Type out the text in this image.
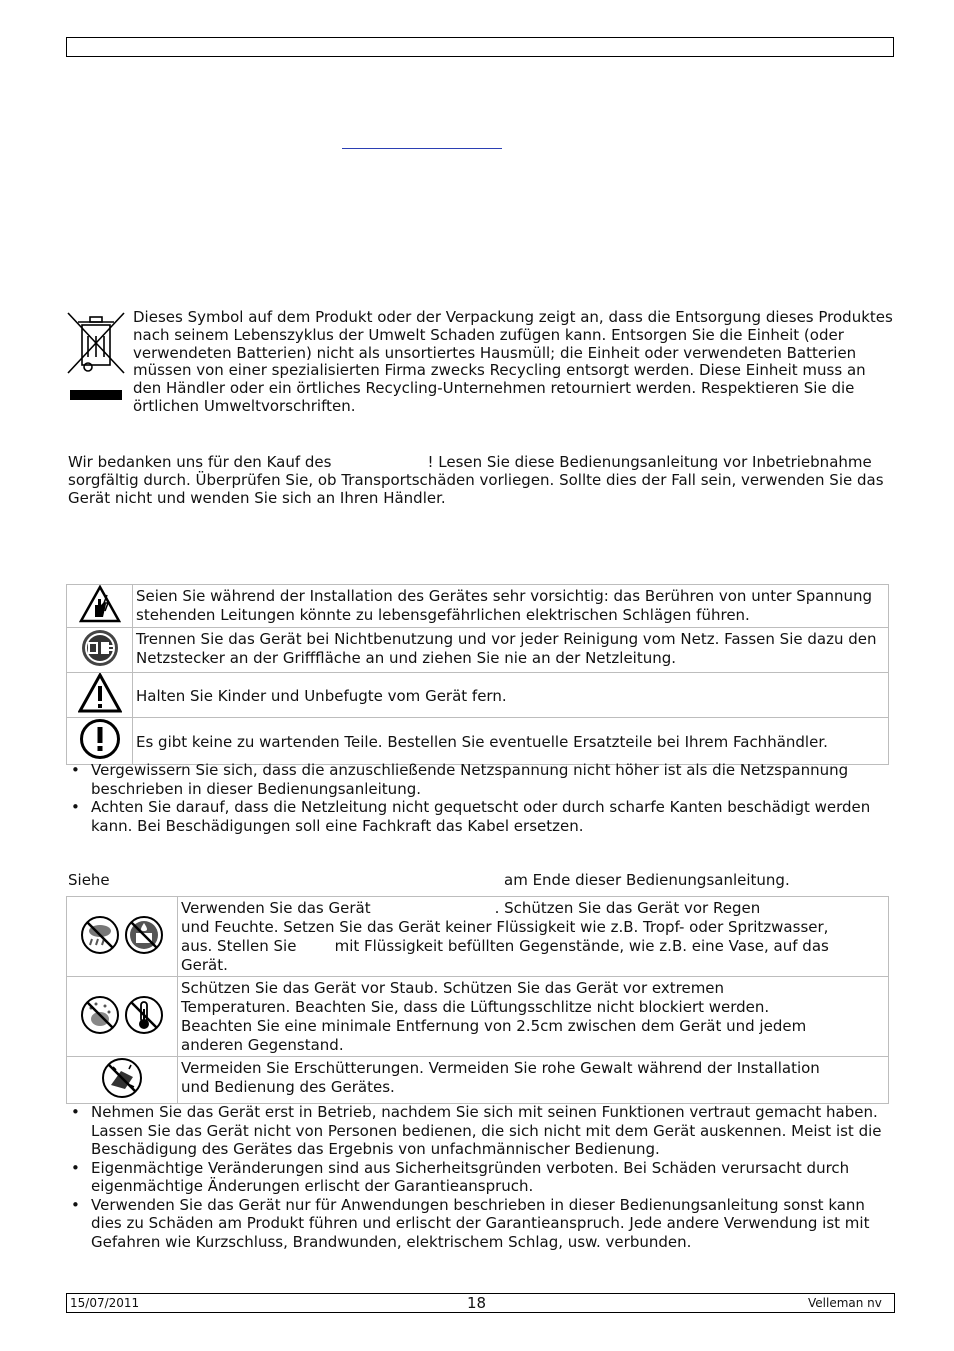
Dieses Symbol auf dem Produkt oder der Verpackung zeigt an, dass die Entsorgung dieses Produktes nach seinem Lebenszyklus der Umwelt Schaden zufügen kann. Entsorgen Sie die Einheit (oder verwendeten Batterien) nicht als unsortiertes Hausmüll; die Einheit oder verwendeten Batterien müssen von einer spezialisierten Firma zwecks Recycling entsorgt werden. Diese Einheit muss an den Händler oder ein örtliches Recycling-Unternehmen retourniert werden. Respektieren Sie die örtlichen Umweltvorschriften.

Wir bedanken uns für den Kauf des	! Lesen Sie diese Bedienungsanleitung vor Inbetriebnahme sorgfältig durch. Überprüfen Sie, ob Transportschäden vorliegen. Sollte dies der Fall sein, verwenden Sie das Gerät nicht und wenden Sie sich an Ihren Händler.

	Seien Sie während der Installation des Gerätes sehr vorsichtig: das Berühren von unter Spannung stehenden Leitungen könnte zu lebensgefährlichen elektrischen Schlägen führen.
	Trennen Sie das Gerät bei Nichtbenutzung und vor jeder Reinigung vom Netz. Fassen Sie dazu den Netzstecker an der Grifffläche an und ziehen Sie nie an der Netzleitung.
	Halten Sie Kinder und Unbefugte vom Gerät fern.
	Es gibt keine zu wartenden Teile. Bestellen Sie eventuelle Ersatzteile bei Ihrem Fachhändler.
• Vergewissern Sie sich, dass die anzuschließende Netzspannung nicht höher ist als die Netzspannung beschrieben in dieser Bedienungsanleitung.
• Achten Sie darauf, dass die Netzleitung nicht gequetscht oder durch scharfe Kanten beschädigt werden kann. Bei Beschädigungen soll eine Fachkraft das Kabel ersetzen.

Siehe	am Ende dieser Bedienungsanleitung.

Verwenden Sie das Gerät                          . Schützen Sie das Gerät vor Regen
und Feuchte. Setzen Sie das Gerät keiner Flüssigkeit wie z.B. Tropf- oder Spritzwasser,
aus. Stellen Sie        mit Flüssigkeit befüllten Gegenstände, wie z.B. eine Vase, auf das
Gerät.

Schützen Sie das Gerät vor Staub. Schützen Sie das Gerät vor extremen
Temperaturen. Beachten Sie, dass die Lüftungsschlitze nicht blockiert werden.
Beachten Sie eine minimale Entfernung von 2.5cm zwischen dem Gerät und jedem
anderen Gegenstand.

Vermeiden Sie Erschütterungen. Vermeiden Sie rohe Gewalt während der Installation
und Bedienung des Gerätes.
• Nehmen Sie das Gerät erst in Betrieb, nachdem Sie sich mit seinen Funktionen vertraut gemacht haben. Lassen Sie das Gerät nicht von Personen bedienen, die sich nicht mit dem Gerät auskennen. Meist ist die Beschädigung des Gerätes das Ergebnis von unfachmännischer Bedienung.
• Eigenmächtige Veränderungen sind aus Sicherheitsgründen verboten. Bei Schäden verursacht durch eigenmächtige Änderungen erlischt der Garantieanspruch.
• Verwenden Sie das Gerät nur für Anwendungen beschrieben in dieser Bedienungsanleitung sonst kann dies zu Schäden am Produkt führen und erlischt der Garantieanspruch. Jede andere Verwendung ist mit Gefahren wie Kurzschluss, Brandwunden, elektrischem Schlag, usw. verbunden.
15/07/2011	18	Velleman nv
